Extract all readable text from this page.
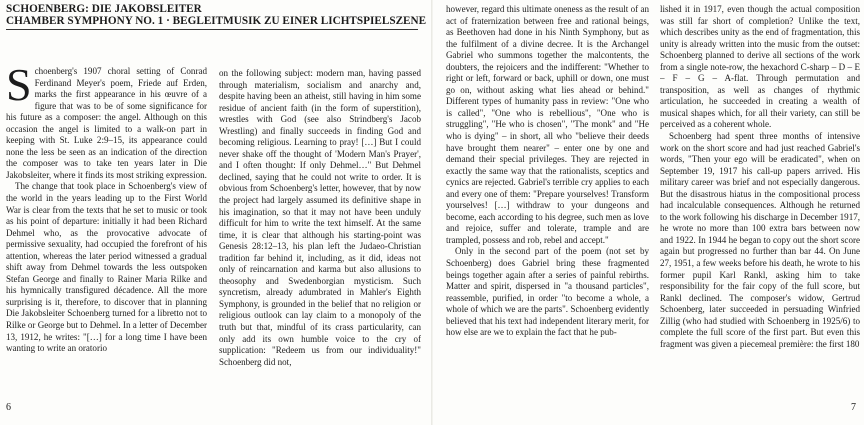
SCHOENBERG: DIE JAKOBSLEITER
CHAMBER SYMPHONY NO. 1 · BEGLEITMUSIK ZU EINER LICHTSPIELSZENE

Schoenberg's 1907 choral setting of Conrad Ferdinand Meyer's poem, Friede auf Erden, marks the first appearance in his œuvre of a figure that was to be of some significance for his future as a composer: the angel. Although on this occasion the angel is limited to a walk-on part in keeping with St. Luke 2:9–15, its appearance could none the less be seen as an indication of the direction the composer was to take ten years later in Die Jakobsleiter, where it finds its most striking expression.

The change that took place in Schoenberg's view of the world in the years leading up to the First World War is clear from the texts that he set to music or took as his point of departure: initially it had been Richard Dehmel who, as the provocative advocate of permissive sexuality, had occupied the forefront of his attention, whereas the later period witnessed a gradual shift away from Dehmel towards the less outspoken Stefan George and finally to Rainer Maria Rilke and his hymnically transfigured décadence. All the more surprising is it, therefore, to discover that in planning Die Jakobsleiter Schoenberg turned for a libretto not to Rilke or George but to Dehmel. In a letter of December 13, 1912, he writes: "[…] for a long time I have been wanting to write an oratorio

on the following subject: modern man, having passed through materialism, socialism and anarchy and, despite having been an atheist, still having in him some residue of ancient faith (in the form of superstition), wrestles with God (see also Strindberg's Jacob Wrestling) and finally succeeds in finding God and becoming religious. Learning to pray! […] But I could never shake off the thought of 'Modern Man's Prayer', and I often thought: If only Dehmel…" But Dehmel declined, saying that he could not write to order. It is obvious from Schoenberg's letter, however, that by now the project had largely assumed its definitive shape in his imagination, so that it may not have been unduly difficult for him to write the text himself. At the same time, it is clear that although his starting-point was Genesis 28:12–13, his plan left the Judaeo-Christian tradition far behind it, including, as it did, ideas not only of reincarnation and karma but also allusions to theosophy and Swedenborgian mysticism. Such syncretism, already adumbrated in Mahler's Eighth Symphony, is grounded in the belief that no religion or religious outlook can lay claim to a monopoly of the truth but that, mindful of its crass particularity, can only add its own humble voice to the cry of supplication: "Redeem us from our individuality!" Schoenberg did not,

6

however, regard this ultimate oneness as the result of an act of fraternization between free and rational beings, as Beethoven had done in his Ninth Symphony, but as the fulfilment of a divine decree. It is the Archangel Gabriel who summons together the malcontents, the doubters, the rejoicers and the indifferent: "Whether to right or left, forward or back, uphill or down, one must go on, without asking what lies ahead or behind." Different types of humanity pass in review: "One who is called", "One who is rebellious", "One who is struggling", "He who is chosen", "The monk" and "He who is dying" – in short, all who "believe their deeds have brought them nearer" – enter one by one and demand their special privileges. They are rejected in exactly the same way that the rationalists, sceptics and cynics are rejected. Gabriel's terrible cry applies to each and every one of them: "Prepare yourselves! Transform yourselves! […] withdraw to your dungeons and become, each according to his degree, such men as love and rejoice, suffer and tolerate, trample and are trampled, possess and rob, rebel and accept."

Only in the second part of the poem (not set by Schoenberg) does Gabriel bring these fragmented beings together again after a series of painful rebirths. Matter and spirit, dispersed in "a thousand particles", reassemble, purified, in order "to become a whole, a whole of which we are the parts". Schoenberg evidently believed that his text had independent literary merit, for how else are we to explain the fact that he pub-

lished it in 1917, even though the actual composition was still far short of completion? Unlike the text, which describes unity as the end of fragmentation, this unity is already written into the music from the outset: Schoenberg planned to derive all sections of the work from a single note-row, the hexachord C-sharp – D – E – F – G – A-flat. Through permutation and transposition, as well as changes of rhythmic articulation, he succeeded in creating a wealth of musical shapes which, for all their variety, can still be perceived as a coherent whole.

Schoenberg had spent three months of intensive work on the short score and had just reached Gabriel's words, "Then your ego will be eradicated", when on September 19, 1917 his call-up papers arrived. His military career was brief and not especially dangerous. But the disastrous hiatus in the compositional process had incalculable consequences. Although he returned to the work following his discharge in December 1917, he wrote no more than 100 extra bars between now and 1922. In 1944 he began to copy out the short score again but progressed no further than bar 44. On June 27, 1951, a few weeks before his death, he wrote to his former pupil Karl Rankl, asking him to take responsibility for the fair copy of the full score, but Rankl declined. The composer's widow, Gertrud Schoenberg, later succeeded in persuading Winfried Zillig (who had studied with Schoenberg in 1925/6) to complete the full score of the first part. But even this fragment was given a piecemeal première: the first 180

7
